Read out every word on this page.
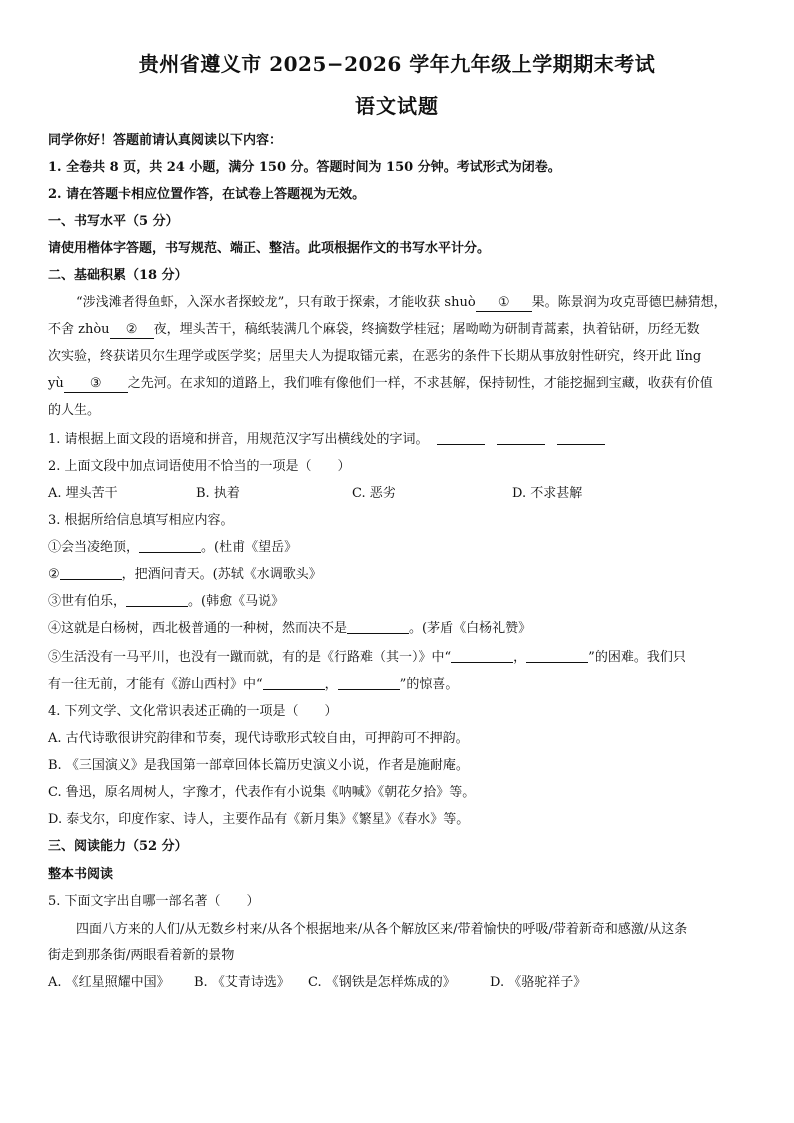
贵州省遵义市 2025−2026 学年九年级上学期期末考试
语文试题
同学你好！答题前请认真阅读以下内容：
1. 全卷共 8 页，共 24 小题，满分 150 分。答题时间为 150 分钟。考试形式为闭卷。
2. 请在答题卡相应位置作答，在试卷上答题视为无效。
一、书写水平（5 分）
请使用楷体字答题，书写规范、端正、整洁。此项根据作文的书写水平计分。
二、基础积累（18 分）
“涉浅滩者得鱼虾，入深水者探蛟龙”，只有敢于探索，才能收获 shuò ① 果。陈景润为攻克哥德巴赫猜想，
不舍 zhòu ② 夜，埋头苦干，稿纸装满几个麻袋，终摘数学桂冠；屠呦呦为研制青蒿素，执着钻研，历经无数
次实验，终获诺贝尔生理学或医学奖；居里夫人为提取镭元素，在恶劣的条件下长期从事放射性研究，终开此 lǐng
yù ③ 之先河。在求知的道路上，我们唯有像他们一样，不求甚解，保持韧性，才能挖掘到宝藏，收获有价值
的人生。
1. 请根据上面文段的语境和拼音，用规范汉字写出横线处的字词。
2. 上面文段中加点词语使用不恰当的一项是（　　）
A. 埋头苦干	B. 执着	C. 恶劣	D. 不求甚解
3. 根据所给信息填写相应内容。
①会当凌绝顶，	。(杜甫《望岳》
②	，把酒问青天。(苏轼《水调歌头》
③世有伯乐，	。(韩愈《马说》
④这就是白杨树，西北极普通的一种树，然而决不是	。(茅盾《白杨礼赞》
⑤生活没有一马平川，也没有一蹴而就，有的是《行路难（其一）》中“	，	”的困难。我们只
有一往无前，才能有《游山西村》中“	，	”的惊喜。
4. 下列文学、文化常识表述正确的一项是（　　）
A. 古代诗歌很讲究韵律和节奏，现代诗歌形式较自由，可押韵可不押韵。
B. 《三国演义》是我国第一部章回体长篇历史演义小说，作者是施耐庵。
C. 鲁迅，原名周树人，字豫才，代表作有小说集《呐喊》《朝花夕拾》等。
D. 泰戈尔，印度作家、诗人，主要作品有《新月集》《繁星》《春水》等。
三、阅读能力（52 分）
整本书阅读
5. 下面文字出自哪一部名著（　　）
四面八方来的人们/从无数乡村来/从各个根据地来/从各个解放区来/带着愉快的呼吸/带着新奇和感激/从这条
街走到那条街/两眼看着新的景物
A. 《红星照耀中国》 B. 《艾青诗选》 C. 《钢铁是怎样炼成的》	D. 《骆驼祥子》
